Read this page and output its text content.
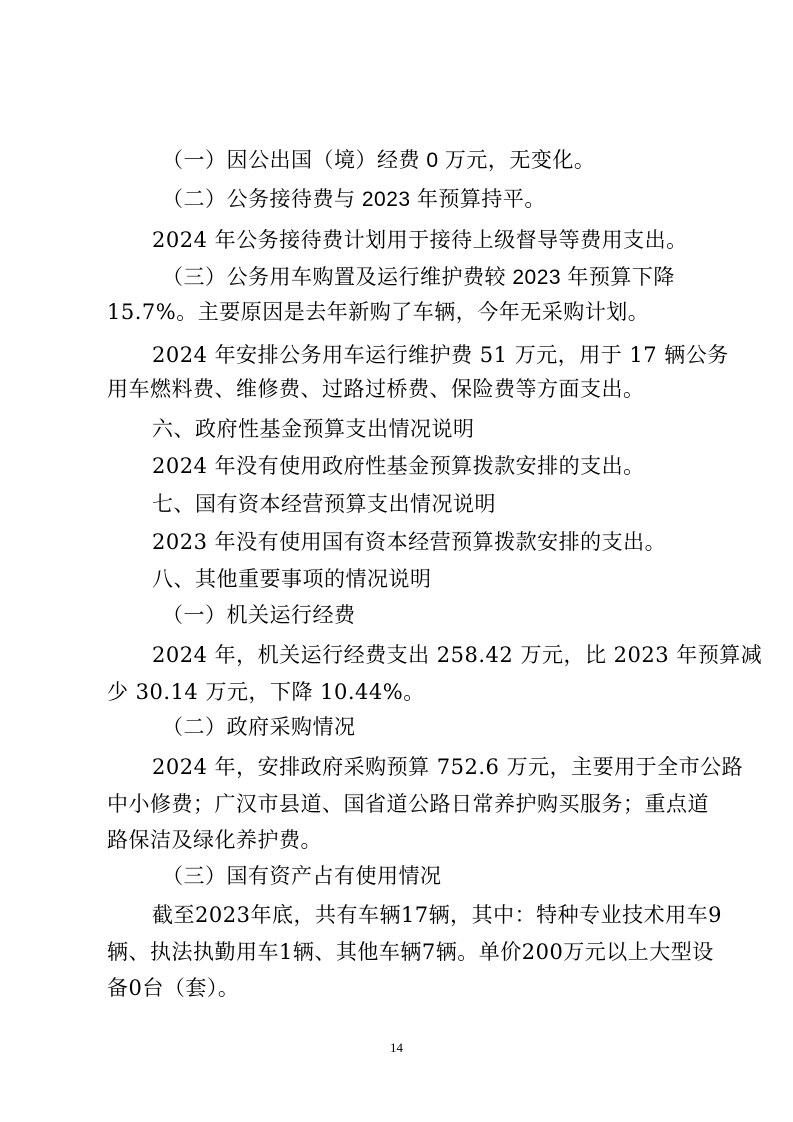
（一）因公出国（境）经费 0 万元，无变化。
（二）公务接待费与 2023 年预算持平。
2024 年公务接待费计划用于接待上级督导等费用支出。
（三）公务用车购置及运行维护费较 2023 年预算下降
15.7%。主要原因是去年新购了车辆，今年无采购计划。
2024 年安排公务用车运行维护费 51 万元，用于 17 辆公务
用车燃料费、维修费、过路过桥费、保险费等方面支出。
六、政府性基金预算支出情况说明
2024 年没有使用政府性基金预算拨款安排的支出。
七、国有资本经营预算支出情况说明
2023 年没有使用国有资本经营预算拨款安排的支出。
八、其他重要事项的情况说明
（一）机关运行经费
2024 年，机关运行经费支出 258.42 万元，比 2023 年预算减
少 30.14 万元，下降 10.44%。
（二）政府采购情况
2024 年，安排政府采购预算 752.6 万元，主要用于全市公路
中小修费；广汉市县道、国省道公路日常养护购买服务；重点道
路保洁及绿化养护费。
（三）国有资产占有使用情况
截至2023年底，共有车辆17辆，其中：特种专业技术用车9
辆、执法执勤用车1辆、其他车辆7辆。单价200万元以上大型设
备0台（套）。
14
